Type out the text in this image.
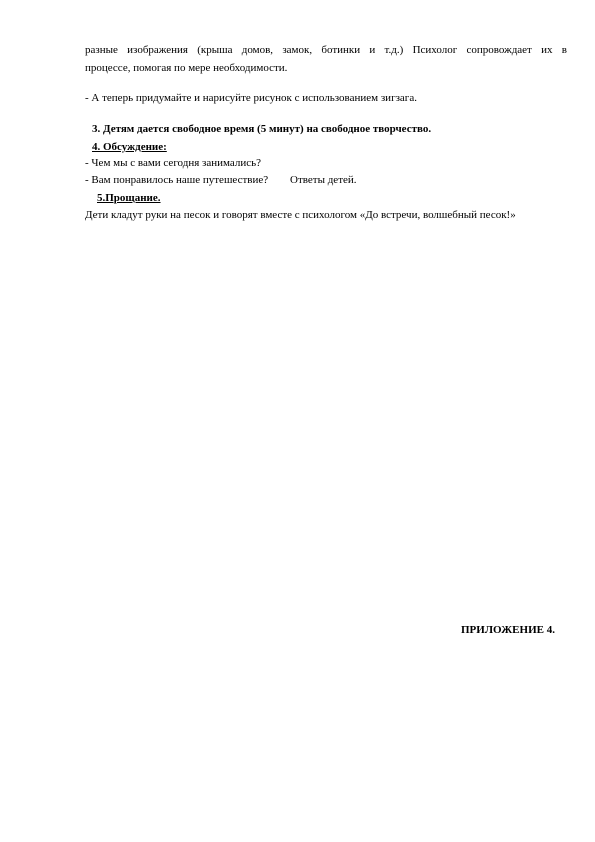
разные изображения (крыша домов, замок, ботинки и т.д.) Психолог сопровождает их в
процессе, помогая по мере необходимости.
- А теперь придумайте и нарисуйте рисунок с использованием зигзага.
3. Детям дается свободное время (5 минут) на свободное творчество.
4. Обсуждение:
- Чем мы с вами сегодня занимались?
- Вам понравилось наше путешествие? Ответы детей.
5.Прощание.
Дети кладут руки на песок и говорят вместе с психологом «До встречи, волшебный песок!»
ПРИЛОЖЕНИЕ 4.
